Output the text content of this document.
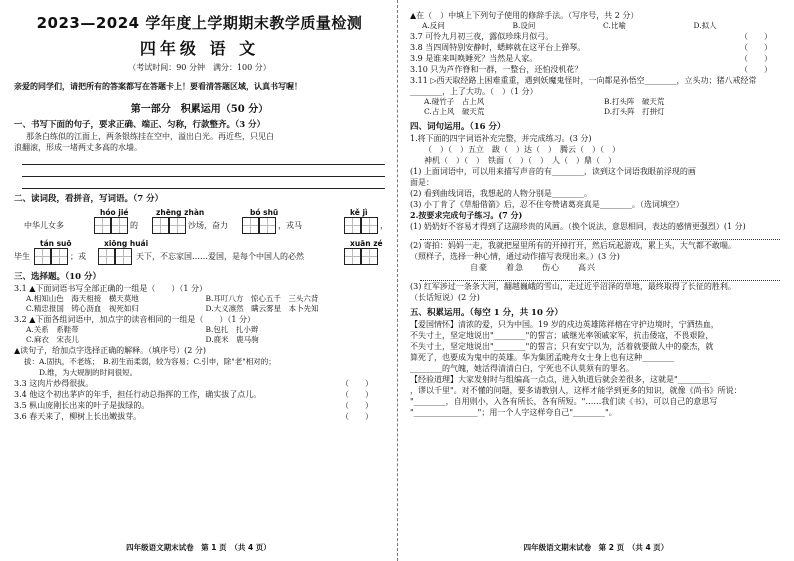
2023—2024 学年度上学期期末教学质量检测
四年级 语 文
（考试时间：90 分钟　满分：100 分）
亲爱的同学们，请把所有的答案都写在答题卡上！要看清答题区域，认真书写喔！
第一部分　积累运用（50 分）
一、书写下面的句子，要求正确、端正、匀称，行款整齐。（3 分）
那条白练似的江面上，两条银练挂在空中，溢出白光。再近些，只见白
浪翻滚，形成一堵两丈多高的水墙。
二、读词段，看拼音，写词语。（7 分）
中华儿女多
hóo jié
的
zhēng zhàn
沙场，奋力
bó shū
，戎马
kě jì
，
毕生
tán suō
；戎
xiōng huái
天下，不忘家国……爱国，是每个中国人的必然
xuān zé
三、选择题。（10 分）
3.1 ▲下面词语书写全部正确的一组是（　　）（1 分）
A.相知山色　海天相接　横天莫地	B.耳叮八方　惊心五千　三头六背
C.精忠报国　铸心沥血　视死如归	D.大义凛然　瞒云雾星　本卜先知
3.2 ▲下面各组词语中，加点字的读音相同的一组是（　　）（1 分）
A.关系　系鞋带	B.包扎　扎小辫
C.麻衣　宋丧儿	D.鹿米　鹿马驹
▲读句子，给加点字选择正确的解释。（填序号）(2 分)
拔：A.固执，不老练；　B.初生而柔弱，较为容易；C.引申，除"老"相对的；
　　D.维，为大规制的时间很短。
3.3 这肉片炒得很拔。	（　　）
3.4 他这个初出茅庐的年手，担任行动总指挥的工作，确实拔了点儿。	（　　）
3.5 枞山庞刚长出来的叶子是拔绿的。	（　　）
3.6 春天来了，柳树上长出嫩拔芽。	（　　）
四年级语文期末试卷　第 1 页　（共 4 页）
▲在（　）中填上下列句子使用的修辞手法。（写序号，共 2 分）
A.反问	B.设问	C.比喻	D.拟人
3.7 可怜九月初三夜，露似珍珠月似弓。	（　　）
3.8 当四周特别安静时，蟋蟀就在这平台上弹琴。	（　　）
3.9 是谁来叫唤睡死？当然是人家。	（　　）
3.10 只为芦作脊和一群，一整台，还怕没机花？	（　　）
3.11 ▷西天取经路上困难重重，遇到妖魔鬼怪时，一向都是孙悟空________，立头功；猪八戒经常________，上了大功。（　）（1 分）
A.碰竹子　占上风	B.打头阵　破天荒
C.占上风　破天荒	D.打头阵　打拼灯
四、词句运用。（16 分）
1.将下面的四字词语补充完整，并完成练习。(3 分)
（　）（　）五立　跋（　）达（　）　腾云（　）（　）
神机（　）（　）　铁面（　）（　）　人（　）鼎（　）
(1) 上面词语中，可以用来描写声音的有________，读到这个词语我眼前浮现的画
面是：
(2) 看到曲线词语，我想起的人物分别是________。
(3) 小丁肯了《草船借箭》后，忍不住夸赞诸葛亮真是________。（选词填空）
2.按要求完成句子练习。(7 分)
(1) 奶奶好不容易才得到了这副珍贵的风画。（换个说法，意思相同，表达的感情更强烈）(1 分)
(2) 寄拍：妈妈一走，我就把屋里所有的开掉打开，然后玩起游戏，累上头，大气都不敢喘。
（照样子，选择一种心情，通过动作描写表现出来。）(3 分)
自豪　　着急　　伤心　　高兴
(3) 红军涉过一条条大河，翻越巍峨的雪山，走过近乎沼泽的草地，最终取得了长征的胜利。
（长话短说）(2 分)
五、积累运用。（每空 1 分，共 10 分）
【爱国情怀】清浓的爱，只为中国。19 岁的戍边英雄陈祥榕在守护边境时，宁洒热血，
不失寸土，坚定地说出"________"的誓言；戚继光率领戚家军，抗击倭寇，不畏艰险，
不失寸土，坚定地说出"________"的誓言；只有安宁以为，活着就要做人中的豪杰，就
算死了，也要成为鬼中的英雄。华为集团孟晚舟女士身上也有这种________
________的气魄，她活得清清白白，宁死也不认莫须有的罪名。
【经验道理】大家发射时与组编高一点点，进入轨道后就会差很多，这就是"________
，谬以千里"。对不懂的问题，要多请教别人，这样才能学到更多的知识，就像《尚书》所说：
"________，自用则小，入各有所长，各有所短。"……我们读《书》，可以自己的意思写
"________________"；用一个人字这样夸自己"________"。
四年级语文期末试卷　第 2 页　（共 4 页）
